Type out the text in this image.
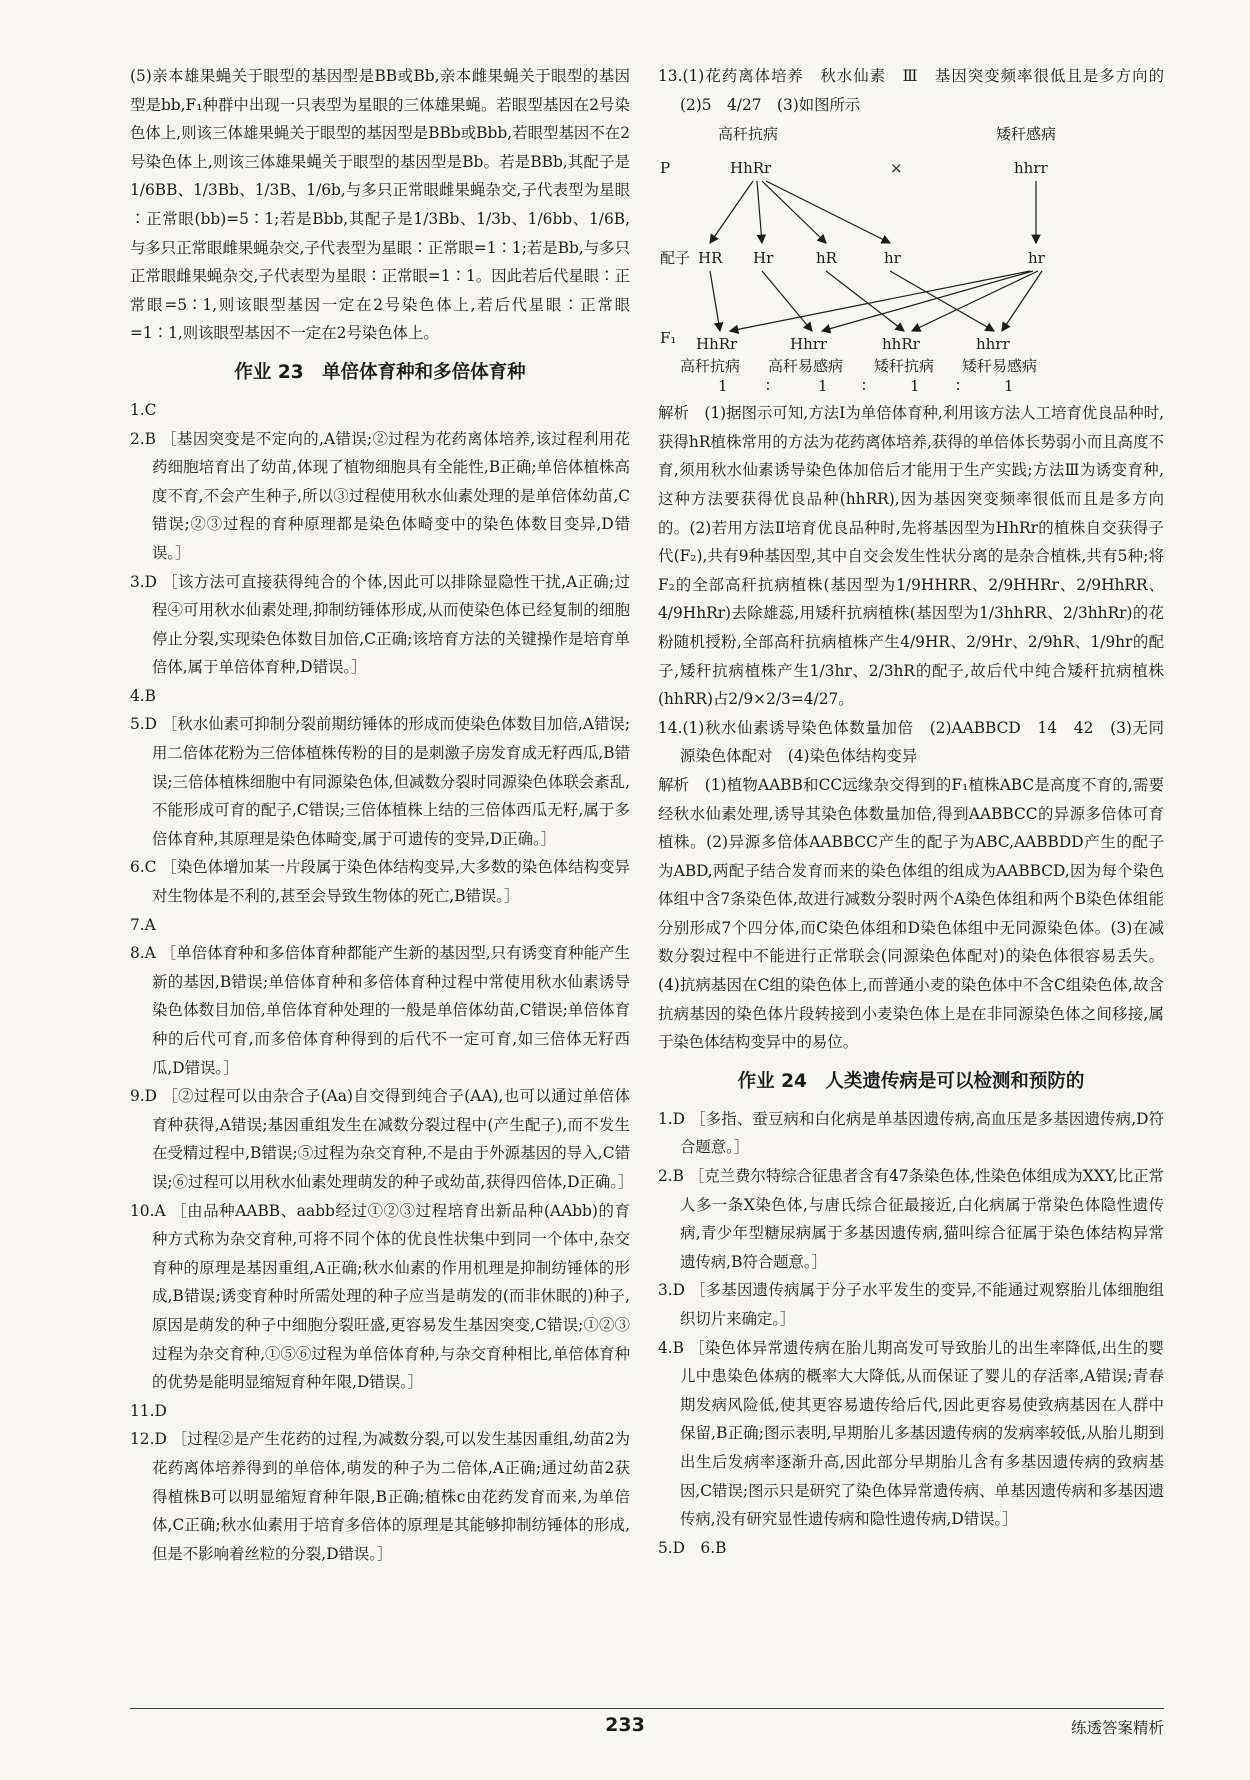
(5)亲本雄果蝇关于眼型的基因型是BB或Bb,亲本雌果蝇关于眼型的基因型是bb,F₁种群中出现一只表型为星眼的三体雄果蝇。若眼型基因在2号染色体上,则该三体雄果蝇关于眼型的基因型是BBb或Bbb,若眼型基因不在2号染色体上,则该三体雄果蝇关于眼型的基因型是Bb。若是BBb,其配子是1/6BB、1/3Bb、1/3B、1/6b,与多只正常眼雌果蝇杂交,子代表型为星眼∶正常眼(bb)=5∶1;若是Bbb,其配子是1/3Bb、1/3b、1/6bb、1/6B,与多只正常眼雌果蝇杂交,子代表型为星眼∶正常眼=1∶1;若是Bb,与多只正常眼雌果蝇杂交,子代表型为星眼∶正常眼=1∶1。因此若后代星眼∶正常眼=5∶1,则该眼型基因一定在2号染色体上,若后代星眼∶正常眼=1∶1,则该眼型基因不一定在2号染色体上。

作业 23　单倍体育种和多倍体育种

1.C

2.B ［基因突变是不定向的,A错误;②过程为花药离体培养,该过程利用花药细胞培育出了幼苗,体现了植物细胞具有全能性,B正确;单倍体植株高度不育,不会产生种子,所以③过程使用秋水仙素处理的是单倍体幼苗,C错误;②③过程的育种原理都是染色体畸变中的染色体数目变异,D错误。］

3.D ［该方法可直接获得纯合的个体,因此可以排除显隐性干扰,A正确;过程④可用秋水仙素处理,抑制纺锤体形成,从而使染色体已经复制的细胞停止分裂,实现染色体数目加倍,C正确;该培育方法的关键操作是培育单倍体,属于单倍体育种,D错误。］

4.B

5.D ［秋水仙素可抑制分裂前期纺锤体的形成而使染色体数目加倍,A错误;用二倍体花粉为三倍体植株传粉的目的是刺激子房发育成无籽西瓜,B错误;三倍体植株细胞中有同源染色体,但减数分裂时同源染色体联会紊乱,不能形成可育的配子,C错误;三倍体植株上结的三倍体西瓜无籽,属于多倍体育种,其原理是染色体畸变,属于可遗传的变异,D正确。］

6.C ［染色体增加某一片段属于染色体结构变异,大多数的染色体结构变异对生物体是不利的,甚至会导致生物体的死亡,B错误。］

7.A

8.A ［单倍体育种和多倍体育种都能产生新的基因型,只有诱变育种能产生新的基因,B错误;单倍体育种和多倍体育种过程中常使用秋水仙素诱导染色体数目加倍,单倍体育种处理的一般是单倍体幼苗,C错误;单倍体育种的后代可育,而多倍体育种得到的后代不一定可育,如三倍体无籽西瓜,D错误。］

9.D ［②过程可以由杂合子(Aa)自交得到纯合子(AA),也可以通过单倍体育种获得,A错误;基因重组发生在减数分裂过程中(产生配子),而不发生在受精过程中,B错误;⑤过程为杂交育种,不是由于外源基因的导入,C错误;⑥过程可以用秋水仙素处理萌发的种子或幼苗,获得四倍体,D正确。］

10.A ［由品种AABB、aabb经过①②③过程培育出新品种(AAbb)的育种方式称为杂交育种,可将不同个体的优良性状集中到同一个体中,杂交育种的原理是基因重组,A正确;秋水仙素的作用机理是抑制纺锤体的形成,B错误;诱变育种时所需处理的种子应当是萌发的(而非休眠的)种子,原因是萌发的种子中细胞分裂旺盛,更容易发生基因突变,C错误;①②③过程为杂交育种,①⑤⑥过程为单倍体育种,与杂交育种相比,单倍体育种的优势是能明显缩短育种年限,D错误。］

11.D

12.D ［过程②是产生花药的过程,为减数分裂,可以发生基因重组,幼苗2为花药离体培养得到的单倍体,萌发的种子为二倍体,A正确;通过幼苗2获得植株B可以明显缩短育种年限,B正确;植株c由花药发育而来,为单倍体,C正确;秋水仙素用于培育多倍体的原理是其能够抑制纺锤体的形成,但是不影响着丝粒的分裂,D错误。］

13.(1)花药离体培养　秋水仙素　Ⅲ　基因突变频率很低且是多方向的　(2)5　4/27　(3)如图所示

高秆抗病	矮秆感病
P	HhRr	×	hhrr
配子 HR Hr	hR	hr	hr
F₁ HhRr	Hhrr	hhRr	hhrr
高秆抗病 高秆易感病 矮秆抗病 矮秆易感病
1	∶	1 ∶	1 ∶	1

解析　(1)据图示可知,方法Ⅰ为单倍体育种,利用该方法人工培育优良品种时,获得hR植株常用的方法为花药离体培养,获得的单倍体长势弱小而且高度不育,须用秋水仙素诱导染色体加倍后才能用于生产实践;方法Ⅲ为诱变育种,这种方法要获得优良品种(hhRR),因为基因突变频率很低而且是多方向的。(2)若用方法Ⅱ培育优良品种时,先将基因型为HhRr的植株自交获得子代(F₂),共有9种基因型,其中自交会发生性状分离的是杂合植株,共有5种;将F₂的全部高秆抗病植株(基因型为1/9HHRR、2/9HHRr、2/9HhRR、4/9HhRr)去除雄蕊,用矮秆抗病植株(基因型为1/3hhRR、2/3hhRr)的花粉随机授粉,全部高秆抗病植株产生4/9HR、2/9Hr、2/9hR、1/9hr的配子,矮秆抗病植株产生1/3hr、2/3hR的配子,故后代中纯合矮秆抗病植株(hhRR)占2/9×2/3=4/27。

14.(1)秋水仙素诱导染色体数量加倍　(2)AABBCD　14　42　(3)无同源染色体配对　(4)染色体结构变异

解析　(1)植物AABB和CC远缘杂交得到的F₁植株ABC是高度不育的,需要经秋水仙素处理,诱导其染色体数量加倍,得到AABBCC的异源多倍体可育植株。(2)异源多倍体AABBCC产生的配子为ABC,AABBDD产生的配子为ABD,两配子结合发育而来的染色体组的组成为AABBCD,因为每个染色体组中含7条染色体,故进行减数分裂时两个A染色体组和两个B染色体组能分别形成7个四分体,而C染色体组和D染色体组中无同源染色体。(3)在减数分裂过程中不能进行正常联会(同源染色体配对)的染色体很容易丢失。(4)抗病基因在C组的染色体上,而普通小麦的染色体中不含C组染色体,故含抗病基因的染色体片段转接到小麦染色体上是在非同源染色体之间移接,属于染色体结构变异中的易位。

作业 24　人类遗传病是可以检测和预防的

1.D ［多指、蚕豆病和白化病是单基因遗传病,高血压是多基因遗传病,D符合题意。］

2.B ［克兰费尔特综合征患者含有47条染色体,性染色体组成为XXY,比正常人多一条X染色体,与唐氏综合征最接近,白化病属于常染色体隐性遗传病,青少年型糖尿病属于多基因遗传病,猫叫综合征属于染色体结构异常遗传病,B符合题意。］

3.D ［多基因遗传病属于分子水平发生的变异,不能通过观察胎儿体细胞组织切片来确定。］

4.B ［染色体异常遗传病在胎儿期高发可导致胎儿的出生率降低,出生的婴儿中患染色体病的概率大大降低,从而保证了婴儿的存活率,A错误;青春期发病风险低,使其更容易遗传给后代,因此更容易使致病基因在人群中保留,B正确;图示表明,早期胎儿多基因遗传病的发病率较低,从胎儿期到出生后发病率逐渐升高,因此部分早期胎儿含有多基因遗传病的致病基因,C错误;图示只是研究了染色体异常遗传病、单基因遗传病和多基因遗传病,没有研究显性遗传病和隐性遗传病,D错误。］

5.D　6.B

233	练透答案精析
